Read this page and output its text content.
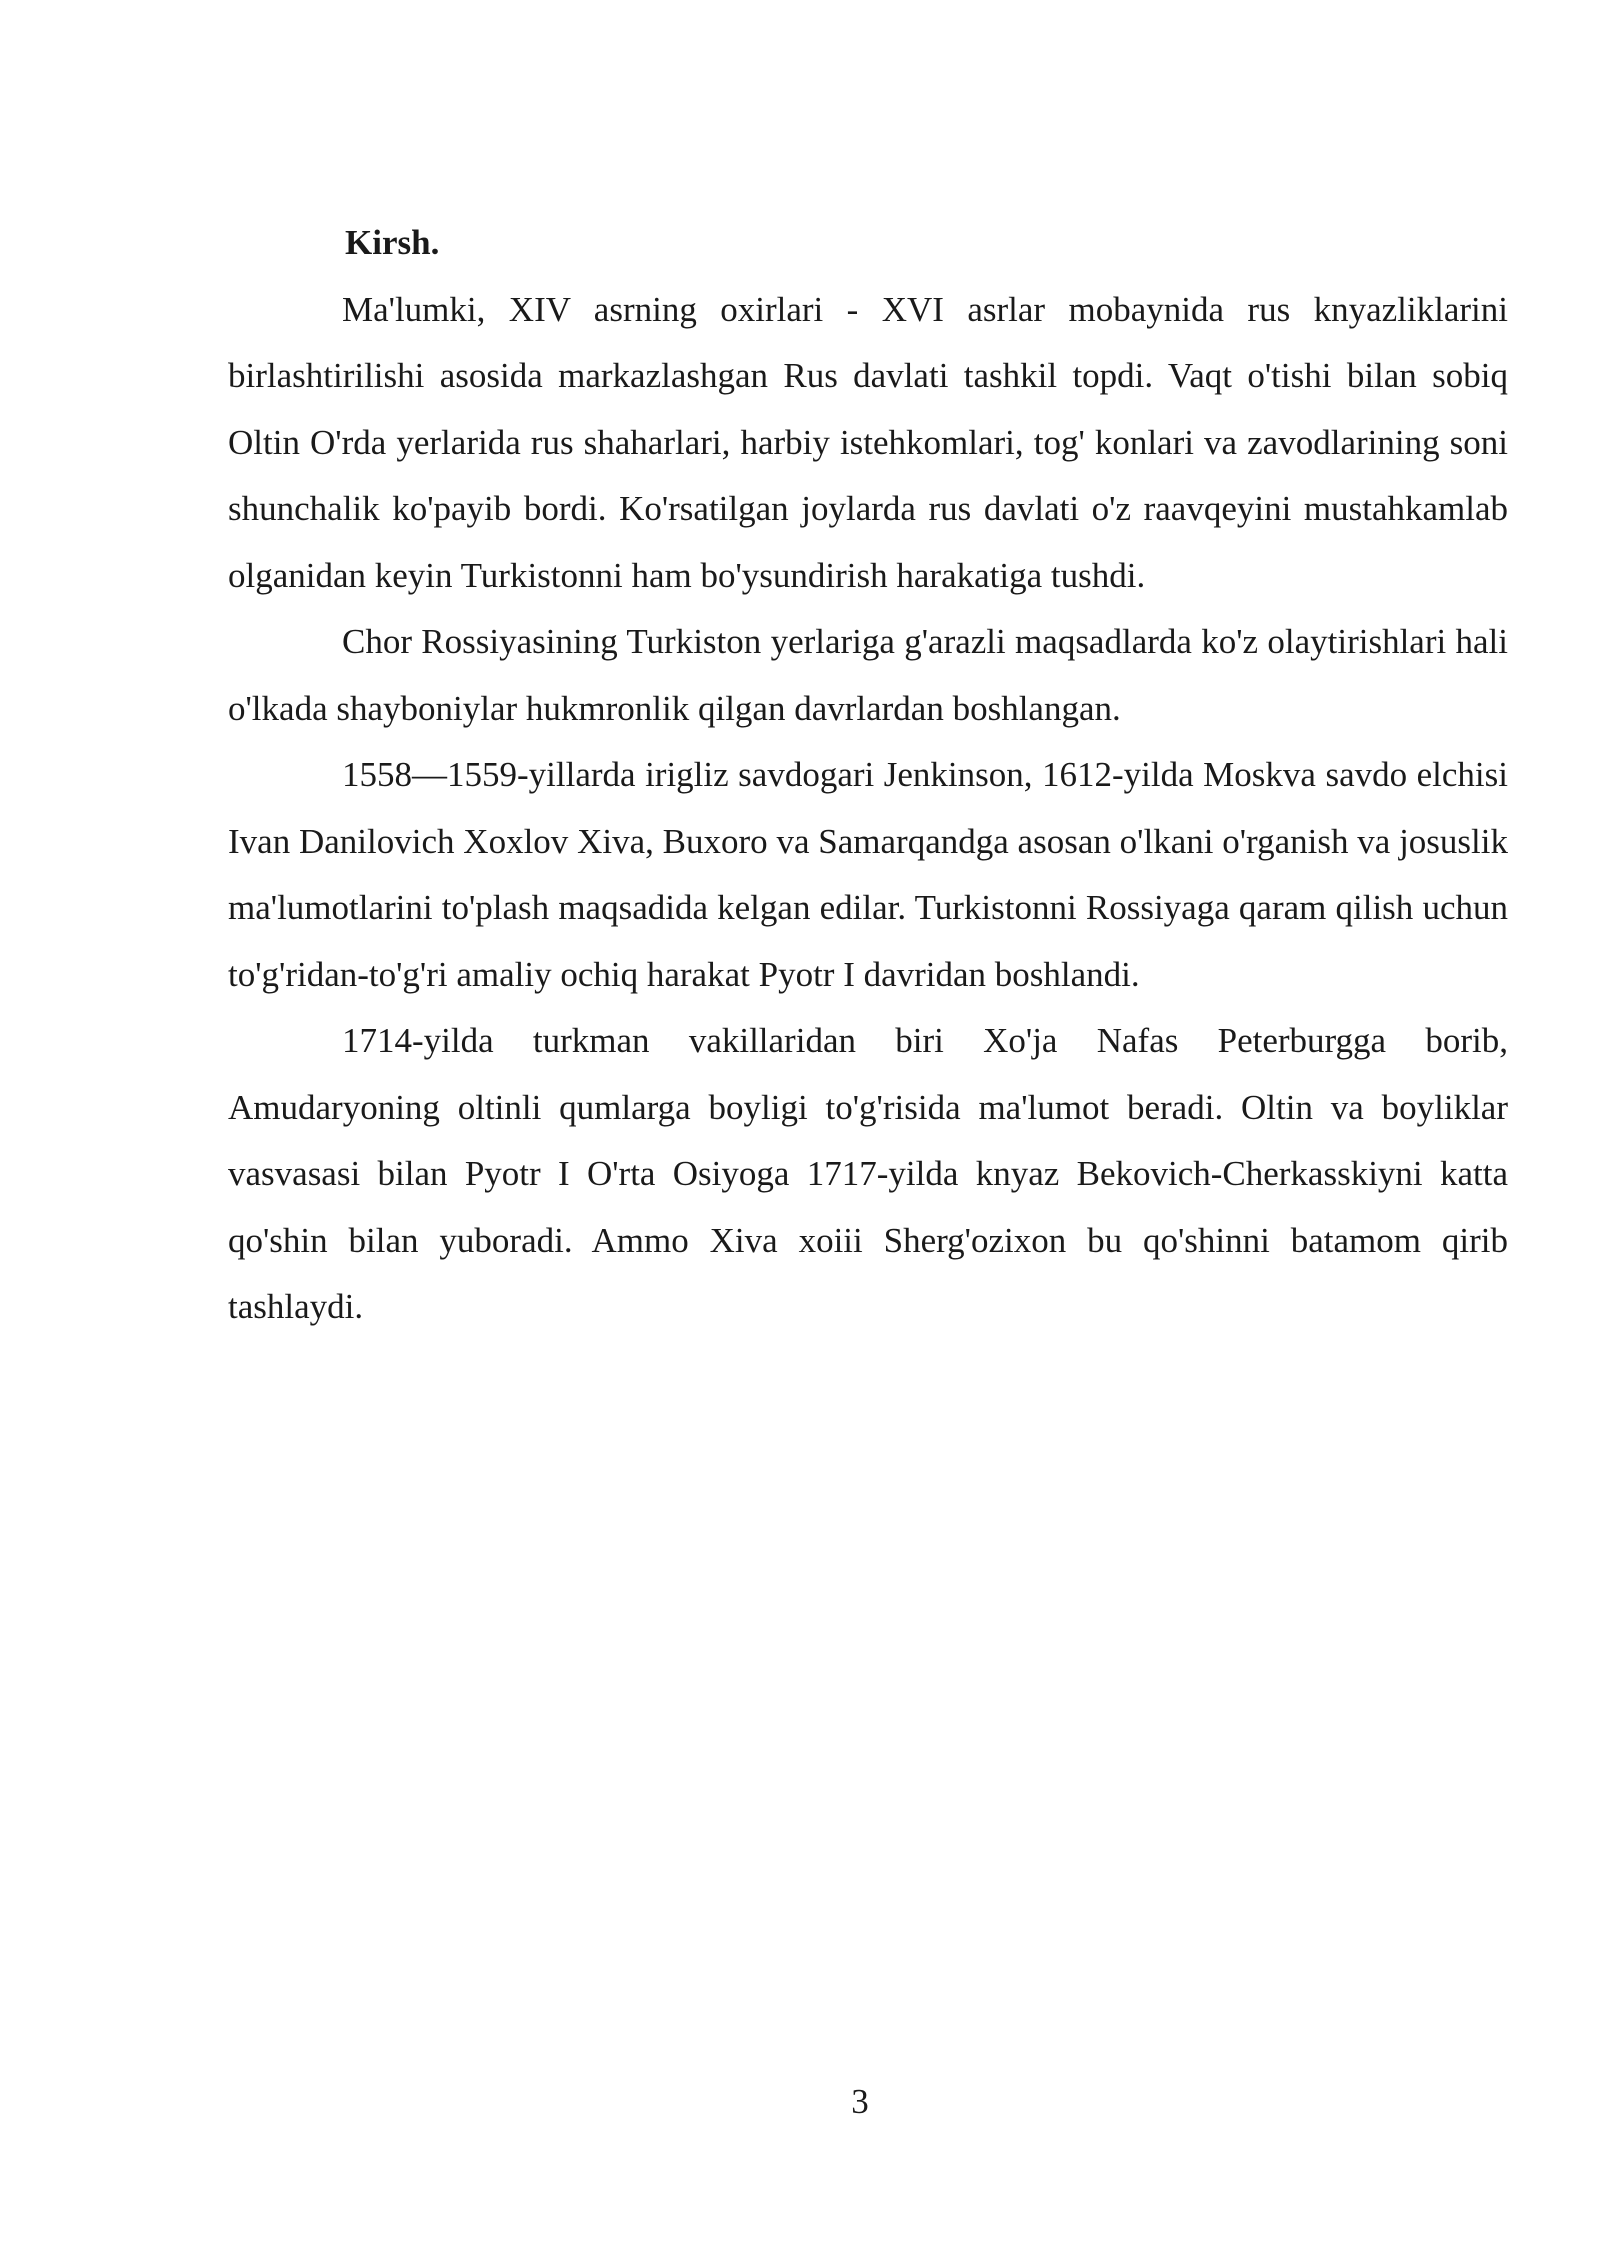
Kirsh.

Ma'lumki, XIV asrning oxirlari - XVI asrlar mobaynida rus knyazliklarini birlashtirilishi asosida markazlashgan Rus davlati tashkil topdi. Vaqt o'tishi bilan sobiq Oltin O'rda yerlarida rus shaharlari, harbiy istehkomlari, tog' konlari va zavodlarining soni shunchalik ko'payib bordi. Ko'rsatilgan joylarda rus davlati o'z raavqeyini mustahkamlab olganidan keyin Turkistonni ham bo'ysundirish harakatiga tushdi.

Chor Rossiyasining Turkiston yerlariga g'arazli maqsadlarda ko'z olaytirishlari hali o'lkada shayboniylar hukmronlik qilgan davrlardan boshlangan.

1558—1559-yillarda irigliz savdogari Jenkinson, 1612-yilda Moskva savdo elchisi Ivan Danilovich Xoxlov Xiva, Buxoro va Samarqandga asosan o'lkani o'rganish va josuslik ma'lumotlarini to'plash maqsadida kelgan edilar. Turkistonni Rossiyaga qaram qilish uchun to'g'ridan-to'g'ri amaliy ochiq harakat Pyotr I davridan boshlandi.

1714-yilda turkman vakillaridan biri Xo'ja Nafas Peterburgga borib, Amudaryoning oltinli qumlarga boyligi to'g'risida ma'lumot beradi. Oltin va boyliklar vasvasasi bilan Pyotr I O'rta Osiyoga 1717-yilda knyaz Bekovich-Cherkasskiyni katta qo'shin bilan yuboradi. Ammo Xiva xoiii Sherg'ozixon bu qo'shinni batamom qirib tashlaydi.

3
